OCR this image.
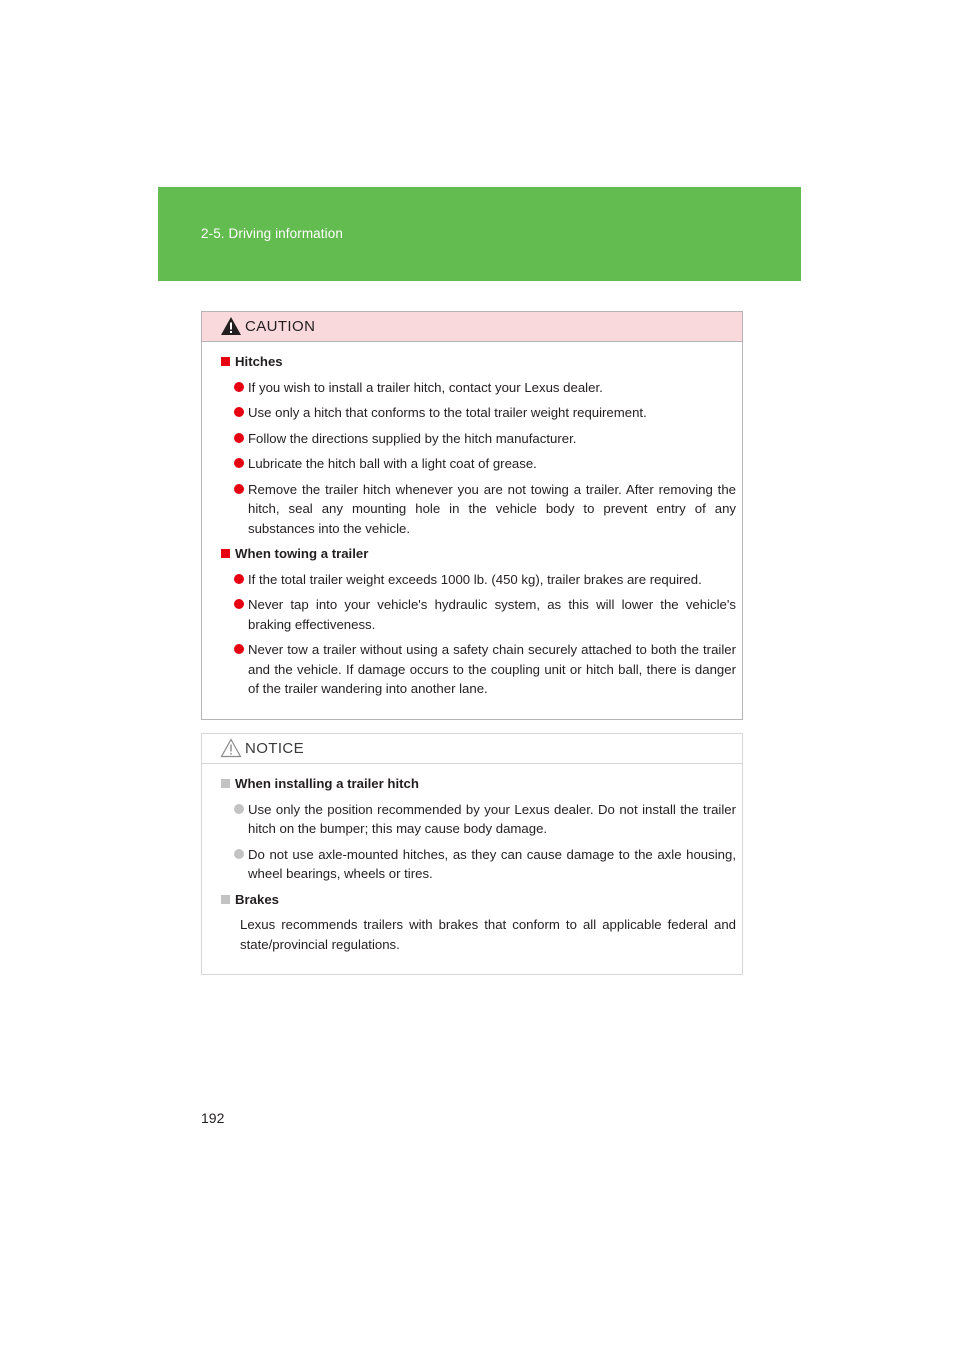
2-5. Driving information
CAUTION
Hitches
If you wish to install a trailer hitch, contact your Lexus dealer.
Use only a hitch that conforms to the total trailer weight requirement.
Follow the directions supplied by the hitch manufacturer.
Lubricate the hitch ball with a light coat of grease.
Remove the trailer hitch whenever you are not towing a trailer. After removing the hitch, seal any mounting hole in the vehicle body to prevent entry of any substances into the vehicle.
When towing a trailer
If the total trailer weight exceeds 1000 lb. (450 kg), trailer brakes are required.
Never tap into your vehicle's hydraulic system, as this will lower the vehicle's braking effectiveness.
Never tow a trailer without using a safety chain securely attached to both the trailer and the vehicle. If damage occurs to the coupling unit or hitch ball, there is danger of the trailer wandering into another lane.
NOTICE
When installing a trailer hitch
Use only the position recommended by your Lexus dealer. Do not install the trailer hitch on the bumper; this may cause body damage.
Do not use axle-mounted hitches, as they can cause damage to the axle housing, wheel bearings, wheels or tires.
Brakes
Lexus recommends trailers with brakes that conform to all applicable federal and state/provincial regulations.
192
